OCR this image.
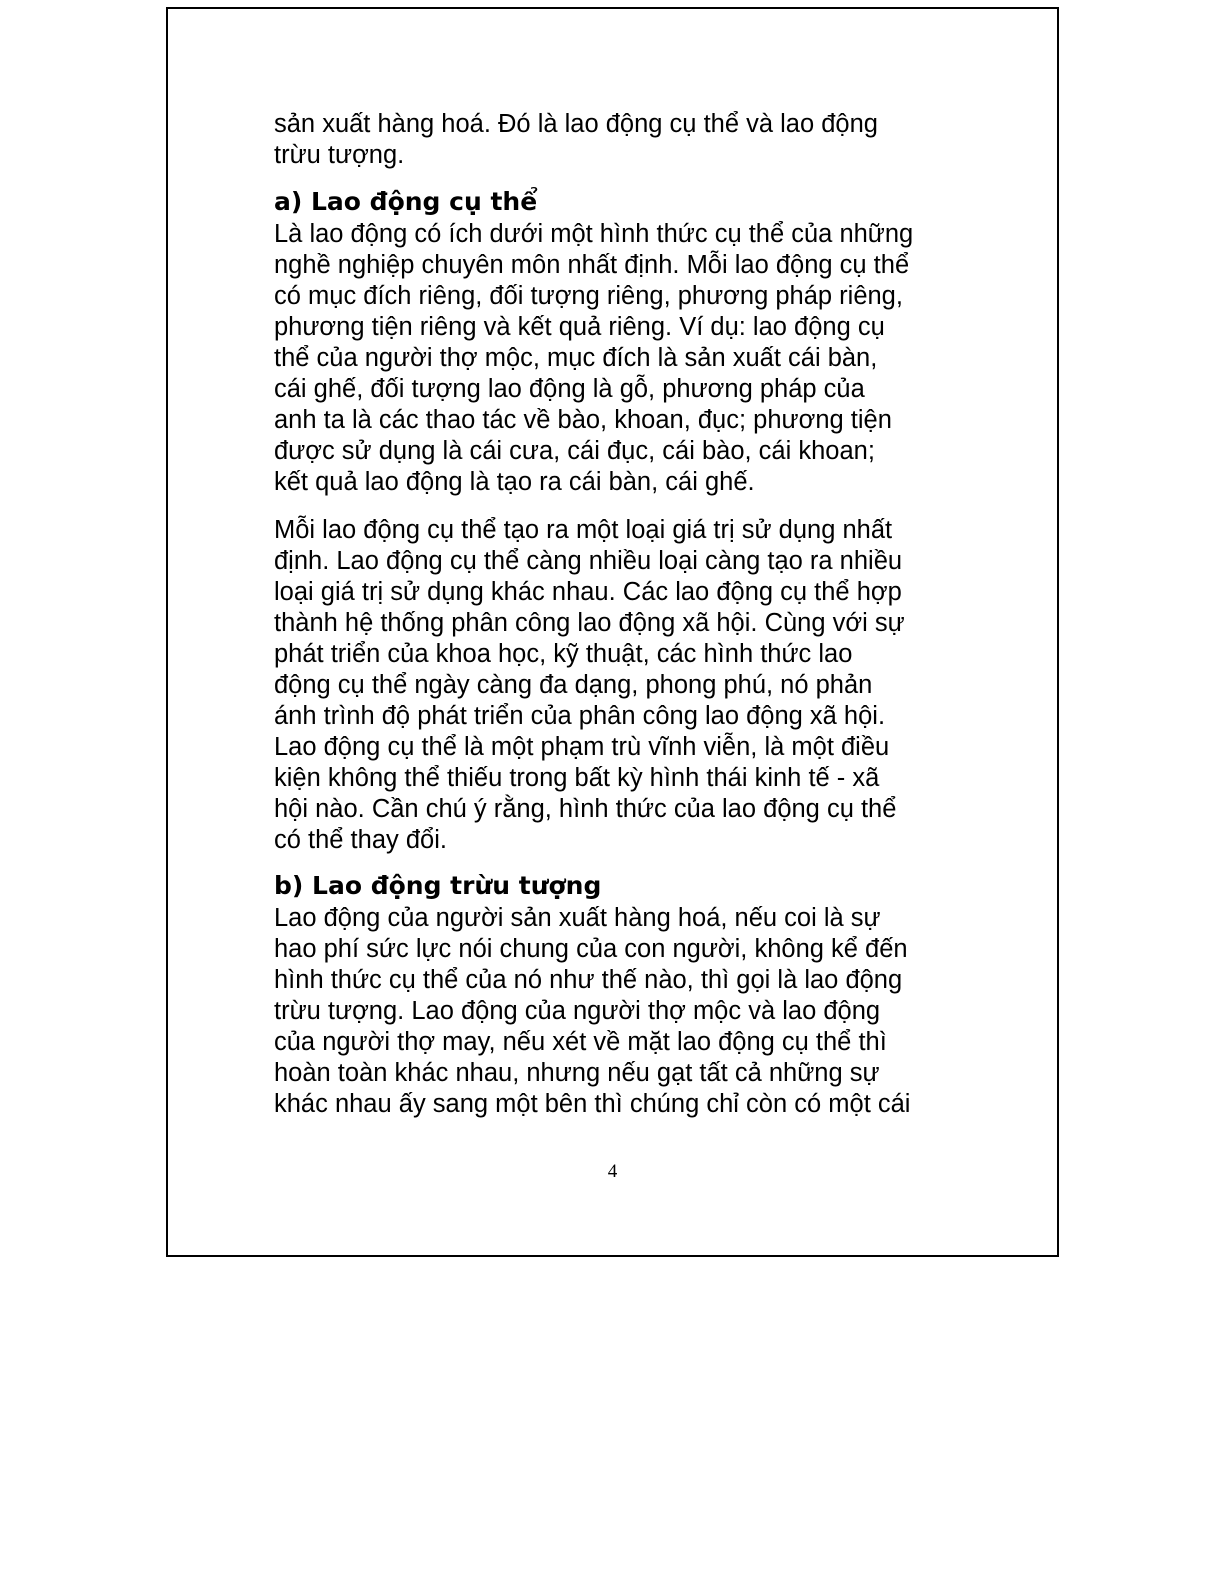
sản xuất hàng hoá. Đó là lao động cụ thể và lao động
trừu tượng.

a) Lao động cụ thể

Là lao động có ích dưới một hình thức cụ thể của những
nghề nghiệp chuyên môn nhất định. Mỗi lao động cụ thể
có mục đích riêng, đối tượng riêng, phương pháp riêng,
phương tiện riêng và kết quả riêng. Ví dụ: lao động cụ
thể của người thợ mộc, mục đích là sản xuất cái bàn,
cái ghế, đối tượng lao động là gỗ, phương pháp của
anh ta là các thao tác về bào, khoan, đục; phương tiện
được sử dụng là cái cưa, cái đục, cái bào, cái khoan;
kết quả lao động là tạo ra cái bàn, cái ghế.

Mỗi lao động cụ thể tạo ra một loại giá trị sử dụng nhất
định. Lao động cụ thể càng nhiều loại càng tạo ra nhiều
loại giá trị sử dụng khác nhau. Các lao động cụ thể hợp
thành hệ thống phân công lao động xã hội. Cùng với sự
phát triển của khoa học, kỹ thuật, các hình thức lao
động cụ thể ngày càng đa dạng, phong phú, nó phản
ánh trình độ phát triển của phân công lao động xã hội.
Lao động cụ thể là một phạm trù vĩnh viễn, là một điều
kiện không thể thiếu trong bất kỳ hình thái kinh tế - xã
hội nào. Cần chú ý rằng, hình thức của lao động cụ thể
có thể thay đổi.

b) Lao động trừu tượng

Lao động của người sản xuất hàng hoá, nếu coi là sự
hao phí sức lực nói chung của con người, không kể đến
hình thức cụ thể của nó như thế nào, thì gọi là lao động
trừu tượng. Lao động của người thợ mộc và lao động
của người thợ may, nếu xét về mặt lao động cụ thể thì
hoàn toàn khác nhau, nhưng nếu gạt tất cả những sự
khác nhau ấy sang một bên thì chúng chỉ còn có một cái

4
